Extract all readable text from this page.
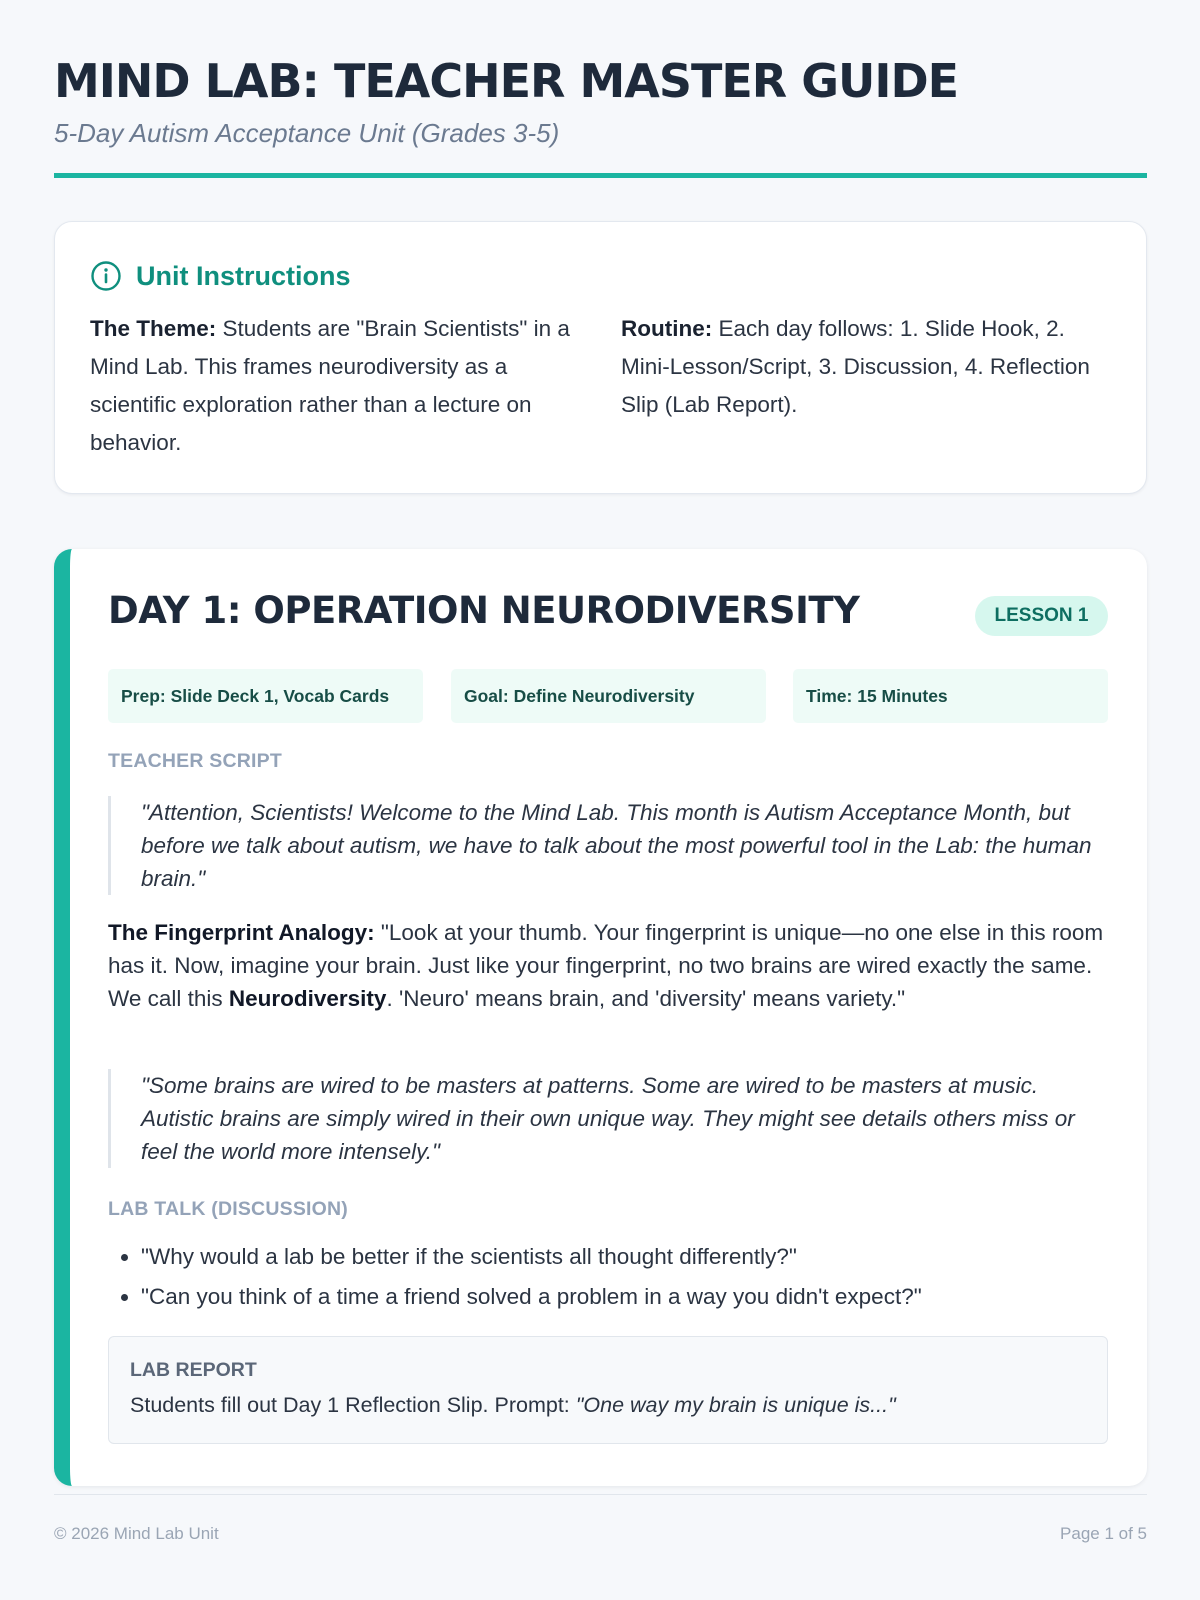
MIND LAB: TEACHER MASTER GUIDE
5-Day Autism Acceptance Unit (Grades 3-5)
Unit Instructions
The Theme: Students are "Brain Scientists" in a Mind Lab. This frames neurodiversity as a scientific exploration rather than a lecture on behavior.
Routine: Each day follows: 1. Slide Hook, 2. Mini-Lesson/Script, 3. Discussion, 4. Reflection Slip (Lab Report).
DAY 1: OPERATION NEURODIVERSITY	LESSON 1
Prep: Slide Deck 1, Vocab Cards	Goal: Define Neurodiversity	Time: 15 Minutes
TEACHER SCRIPT
"Attention, Scientists! Welcome to the Mind Lab. This month is Autism Acceptance Month, but before we talk about autism, we have to talk about the most powerful tool in the Lab: the human brain."
The Fingerprint Analogy: "Look at your thumb. Your fingerprint is unique—no one else in this room has it. Now, imagine your brain. Just like your fingerprint, no two brains are wired exactly the same. We call this Neurodiversity. 'Neuro' means brain, and 'diversity' means variety."
"Some brains are wired to be masters at patterns. Some are wired to be masters at music. Autistic brains are simply wired in their own unique way. They might see details others miss or feel the world more intensely."
LAB TALK (DISCUSSION)
• "Why would a lab be better if the scientists all thought differently?"
• "Can you think of a time a friend solved a problem in a way you didn't expect?"
LAB REPORT
Students fill out Day 1 Reflection Slip. Prompt: "One way my brain is unique is..."
© 2026 Mind Lab Unit	Page 1 of 5
